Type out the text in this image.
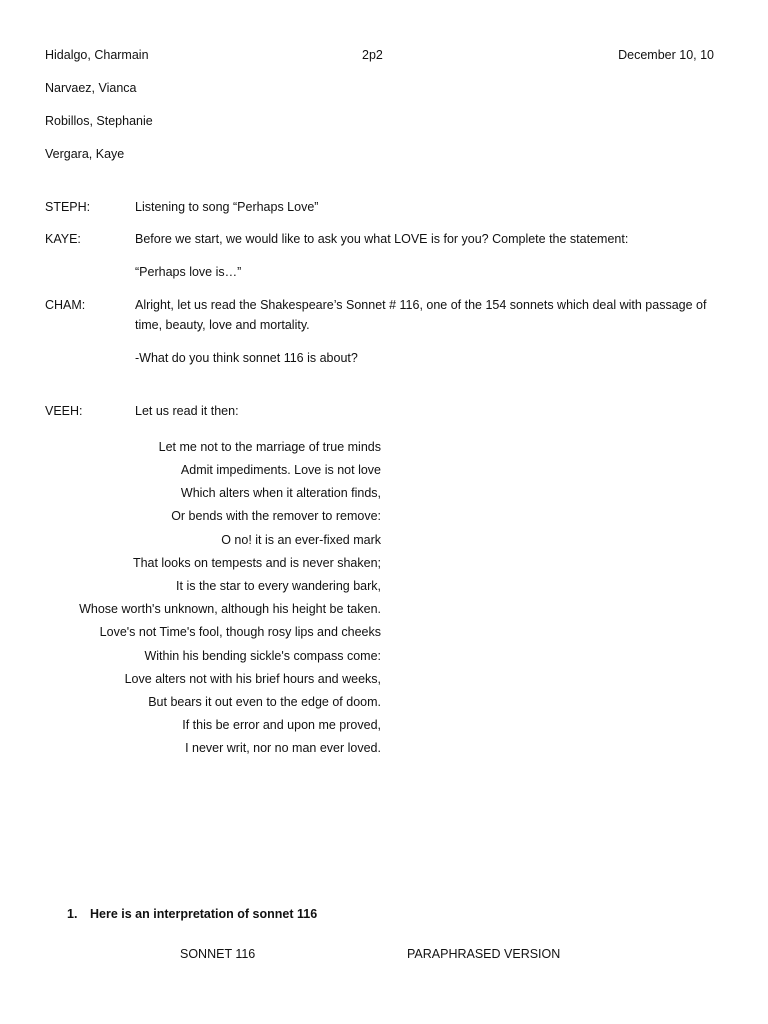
Hidalgo, Charmain	2p2	December 10, 10
Narvaez, Vianca
Robillos, Stephanie
Vergara, Kaye
STEPH:	Listening to song “Perhaps Love”
KAYE:	Before we start, we would like to ask you what LOVE is for you? Complete the statement:
“Perhaps love is…”
CHAM:	Alright, let us read the Shakespeare’s Sonnet # 116, one of the 154 sonnets which deal with passage of
time, beauty, love and mortality.
-What do you think sonnet 116 is about?
VEEH:	Let us read it then:
Let me not to the marriage of true minds
Admit impediments. Love is not love
Which alters when it alteration finds,
Or bends with the remover to remove:
O no! it is an ever-fixed mark
That looks on tempests and is never shaken;
It is the star to every wandering bark,
Whose worth's unknown, although his height be taken.
Love's not Time's fool, though rosy lips and cheeks
Within his bending sickle's compass come:
Love alters not with his brief hours and weeks,
But bears it out even to the edge of doom.
If this be error and upon me proved,
I never writ, nor no man ever loved.
1. Here is an interpretation of sonnet 116
SONNET 116	PARAPHRASED VERSION
